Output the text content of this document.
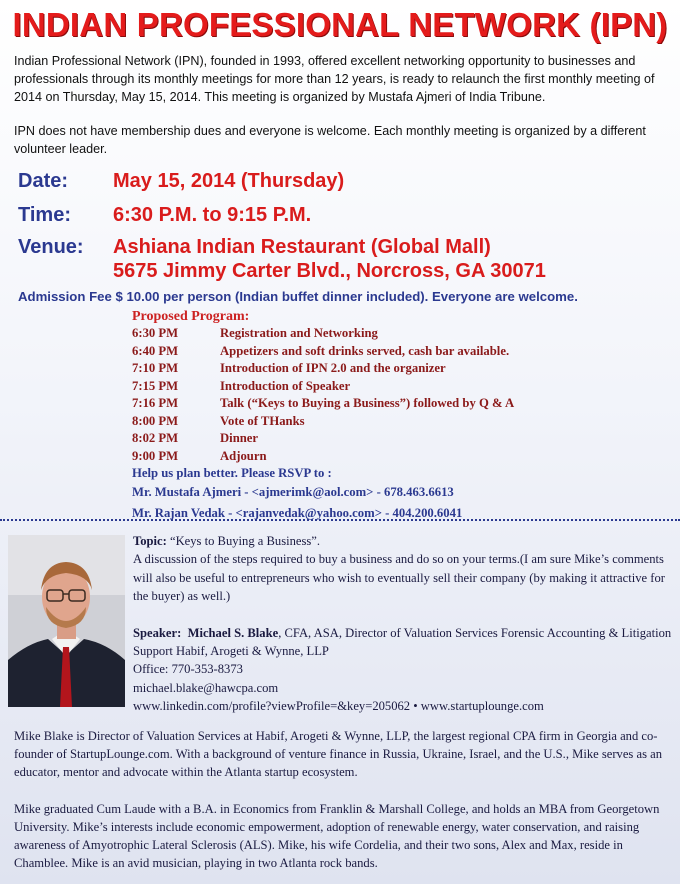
INDIAN PROFESSIONAL NETWORK (IPN)

Indian Professional Network (IPN), founded in 1993, offered excellent networking opportunity to businesses and professionals through its monthly meetings for more than 12 years, is ready to relaunch the first monthly meeting of 2014 on Thursday, May 15, 2014. This meeting is organized by Mustafa Ajmeri of India Tribune.

IPN does not have membership dues and everyone is welcome. Each monthly meeting is organized by a different volunteer leader.

Date: May 15, 2014 (Thursday)
Time: 6:30 P.M. to 9:15 P.M.
Venue: Ashiana Indian Restaurant (Global Mall)
5675 Jimmy Carter Blvd., Norcross, GA 30071
Admission Fee $ 10.00 per person (Indian buffet dinner included). Everyone are welcome.
Proposed Program:
6:30 PM	Registration and Networking
6:40 PM	Appetizers and soft drinks served, cash bar available.
7:10 PM	Introduction of IPN 2.0 and the organizer
7:15 PM	Introduction of Speaker
7:16 PM	Talk (“Keys to Buying a Business”) followed by Q & A
8:00 PM	Vote of THanks
8:02 PM	Dinner
9:00 PM	Adjourn
Help us plan better. Please RSVP to :
Mr. Mustafa Ajmeri - <ajmerimk@aol.com> - 678.463.6613
Mr. Rajan Vedak - <rajanvedak@yahoo.com> - 404.200.6041

Topic: “Keys to Buying a Business”.

A discussion of the steps required to buy a business and do so on your terms.(I am sure Mike’s comments will also be useful to entrepreneurs who wish to eventually sell their company (by making it attractive for the buyer) as well.)

Speaker: Michael S. Blake, CFA, ASA, Director of Valuation Services Forensic Accounting & Litigation Support Habif, Arogeti & Wynne, LLP

Office: 770-353-8373

michael.blake@hawcpa.com

www.linkedin.com/profile?viewProfile=&key=205062 • www.startuplounge.com

Mike Blake is Director of Valuation Services at Habif, Arogeti & Wynne, LLP, the largest regional CPA firm in Georgia and co-founder of StartupLounge.com. With a background of venture finance in Russia, Ukraine, Israel, and the U.S., Mike serves as an educator, mentor and advocate within the Atlanta startup ecosystem.

Mike graduated Cum Laude with a B.A. in Economics from Franklin & Marshall College, and holds an MBA from Georgetown University. Mike’s interests include economic empowerment, adoption of renewable energy, water conservation, and raising awareness of Amyotrophic Lateral Sclerosis (ALS). Mike, his wife Cordelia, and their two sons, Alex and Max, reside in Chamblee. Mike is an avid musician, playing in two Atlanta rock bands.
